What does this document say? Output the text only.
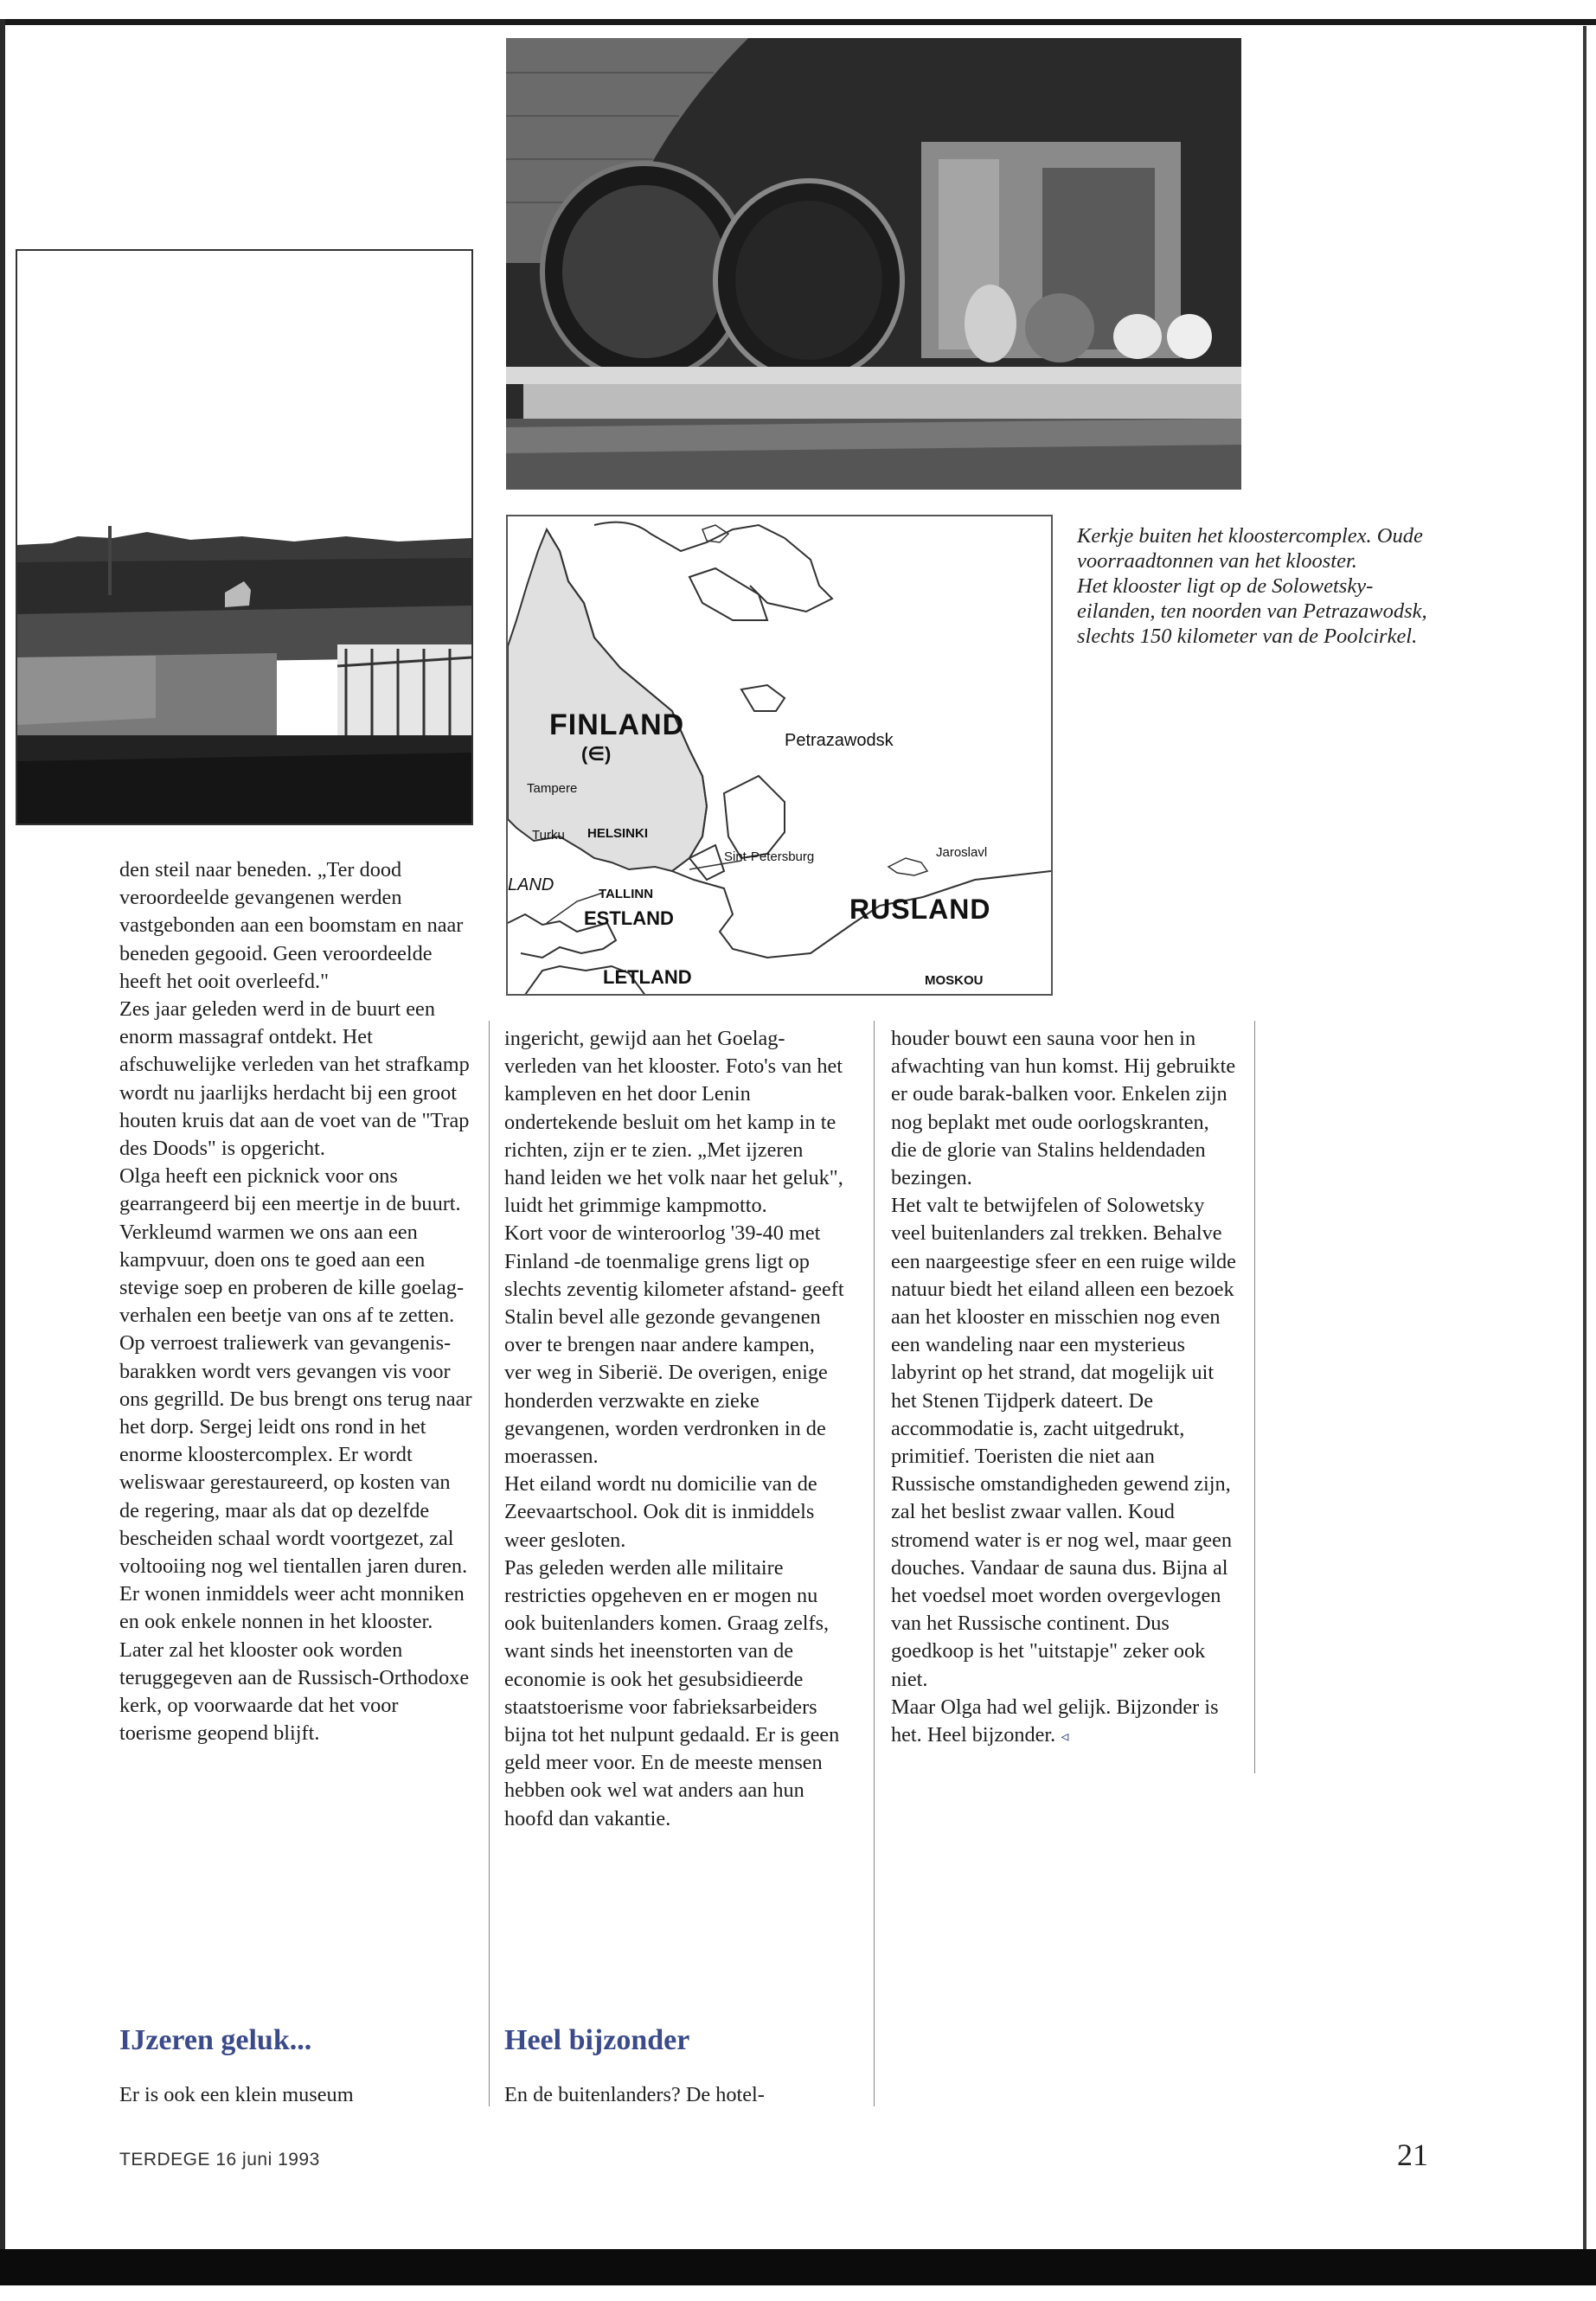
FINLAND
(∈)
Tampere
Turku HELSINKI
LAND	TALLINN
ESTLAND
LETLAND
Petrazawodsk
Sint-Petersburg	Jaroslavl
RUSLAND
MOSKOU

Kerkje buiten het kloostercomplex. Oude voorraadtonnen van het klooster.

Het klooster ligt op de Solowetsky-eilanden, ten noorden van Petrazawodsk, slechts 150 kilometer van de Poolcirkel.

den steil naar beneden. „Ter dood veroordeelde gevangenen werden vastgebonden aan een boomstam en naar beneden gegooid. Geen veroordeelde heeft het ooit overleefd."

Zes jaar geleden werd in de buurt een enorm massagraf ontdekt. Het afschuwelijke verleden van het strafkamp wordt nu jaarlijks herdacht bij een groot houten kruis dat aan de voet van de "Trap des Doods" is opgericht.

Olga heeft een picknick voor ons gearrangeerd bij een meertje in de buurt. Verkleumd warmen we ons aan een kampvuur, doen ons te goed aan een stevige soep en proberen de kille goelag-verhalen een beetje van ons af te zetten.

Op verroest traliewerk van gevangenis-barakken wordt vers gevangen vis voor ons gegrilld. De bus brengt ons terug naar het dorp. Sergej leidt ons rond in het enorme kloostercomplex. Er wordt weliswaar gerestaureerd, op kosten van de regering, maar als dat op dezelfde bescheiden schaal wordt voortgezet, zal voltooiing nog wel tientallen jaren duren. Er wonen inmiddels weer acht monniken en ook enkele nonnen in het klooster. Later zal het klooster ook worden teruggegeven aan de Russisch-Orthodoxe kerk, op voorwaarde dat het voor toerisme geopend blijft.

IJzeren geluk...
Er is ook een klein museum

ingericht, gewijd aan het Goelag-verleden van het klooster. Foto's van het kampleven en het door Lenin ondertekende besluit om het kamp in te richten, zijn er te zien. „Met ijzeren hand leiden we het volk naar het geluk", luidt het grimmige kampmotto.

Kort voor de winteroorlog '39-40 met Finland -de toenmalige grens ligt op slechts zeventig kilometer afstand- geeft Stalin bevel alle gezonde gevangenen over te brengen naar andere kampen, ver weg in Siberië. De overigen, enige honderden verzwakte en zieke gevangenen, worden verdronken in de moerassen.

Het eiland wordt nu domicilie van de Zeevaartschool. Ook dit is inmiddels weer gesloten.

Pas geleden werden alle militaire restricties opgeheven en er mogen nu ook buitenlanders komen. Graag zelfs, want sinds het ineenstorten van de economie is ook het gesubsidieerde staatstoerisme voor fabrieksarbeiders bijna tot het nulpunt gedaald. Er is geen geld meer voor. En de meeste mensen hebben ook wel wat anders aan hun hoofd dan vakantie.

Heel bijzonder
En de buitenlanders? De hotel-

houder bouwt een sauna voor hen in afwachting van hun komst. Hij gebruikte er oude barak-balken voor. Enkelen zijn nog beplakt met oude oorlogskranten, die de glorie van Stalins heldendaden bezingen.

Het valt te betwijfelen of Solowetsky veel buitenlanders zal trekken. Behalve een naargeestige sfeer en een ruige wilde natuur biedt het eiland alleen een bezoek aan het klooster en misschien nog even een wandeling naar een mysterieus labyrint op het strand, dat mogelijk uit het Stenen Tijdperk dateert. De accommodatie is, zacht uitgedrukt, primitief. Toeristen die niet aan Russische omstandigheden gewend zijn, zal het beslist zwaar vallen. Koud stromend water is er nog wel, maar geen douches. Vandaar de sauna dus. Bijna al het voedsel moet worden overgevlogen van het Russische continent. Dus goedkoop is het "uitstapje" zeker ook niet.

Maar Olga had wel gelijk. Bijzonder is het. Heel bijzonder. ◃

TERDEGE 16 juni 1993	21
